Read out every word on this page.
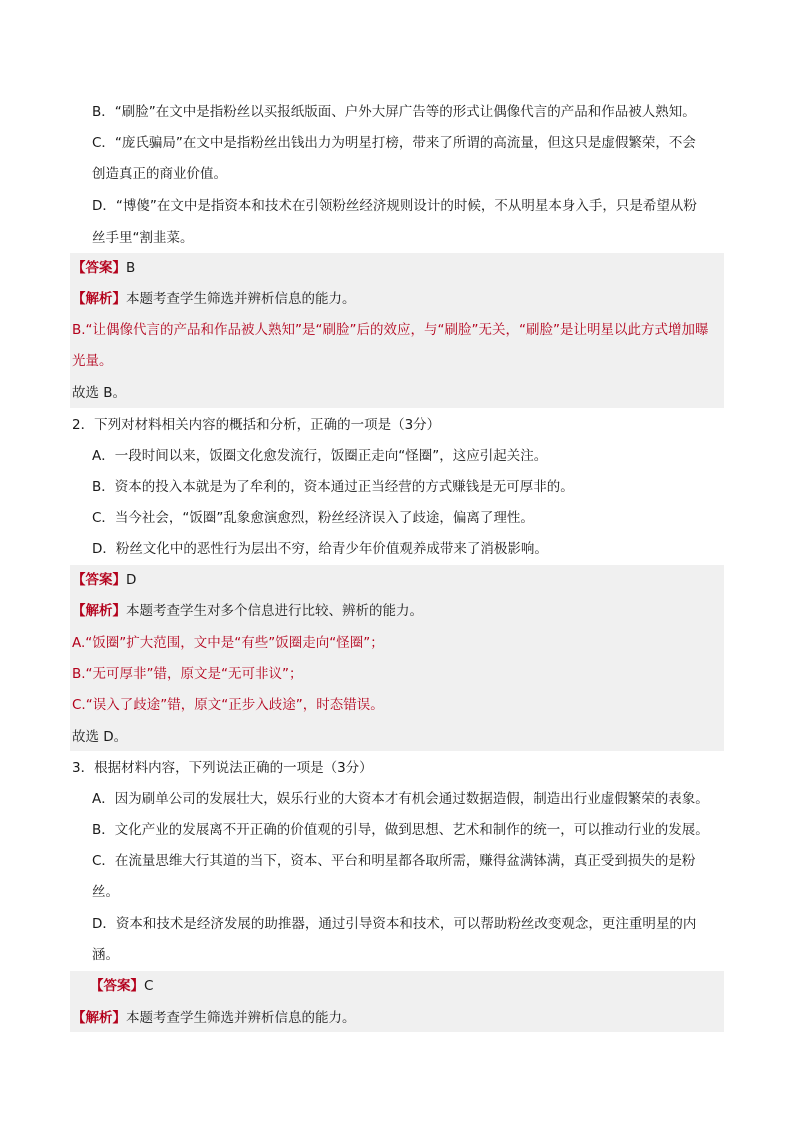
B．“刷脸”在文中是指粉丝以买报纸版面、户外大屏广告等的形式让偶像代言的产品和作品被人熟知。
C．“庞氏骗局”在文中是指粉丝出钱出力为明星打榜，带来了所谓的高流量，但这只是虚假繁荣，不会
创造真正的商业价值。
D．“博傻”在文中是指资本和技术在引领粉丝经济规则设计的时候，不从明星本身入手，只是希望从粉
丝手里“割韭菜。
【答案】B
【解析】本题考查学生筛选并辨析信息的能力。
B.“让偶像代言的产品和作品被人熟知”是“刷脸”后的效应，与“刷脸”无关，“刷脸”是让明星以此方式增加曝
光量。
故选 B。
2．下列对材料相关内容的概括和分析，正确的一项是（3分）
A．一段时间以来，饭圈文化愈发流行，饭圈正走向“怪圈”，这应引起关注。
B．资本的投入本就是为了牟利的，资本通过正当经营的方式赚钱是无可厚非的。
C．当今社会，“饭圈”乱象愈演愈烈，粉丝经济误入了歧途，偏离了理性。
D．粉丝文化中的恶性行为层出不穷，给青少年价值观养成带来了消极影响。
【答案】D
【解析】本题考查学生对多个信息进行比较、辨析的能力。
A.“饭圈”扩大范围，文中是“有些”饭圈走向“怪圈”；
B.“无可厚非”错，原文是“无可非议”；
C.“误入了歧途”错，原文“正步入歧途”，时态错误。
故选 D。
3．根据材料内容，下列说法正确的一项是（3分）
A．因为刷单公司的发展壮大，娱乐行业的大资本才有机会通过数据造假，制造出行业虚假繁荣的表象。
B．文化产业的发展离不开正确的价值观的引导，做到思想、艺术和制作的统一，可以推动行业的发展。
C．在流量思维大行其道的当下，资本、平台和明星都各取所需，赚得盆满钵满，真正受到损失的是粉
丝。
D．资本和技术是经济发展的助推器，通过引导资本和技术，可以帮助粉丝改变观念，更注重明星的内
涵。
【答案】C
【解析】本题考查学生筛选并辨析信息的能力。
